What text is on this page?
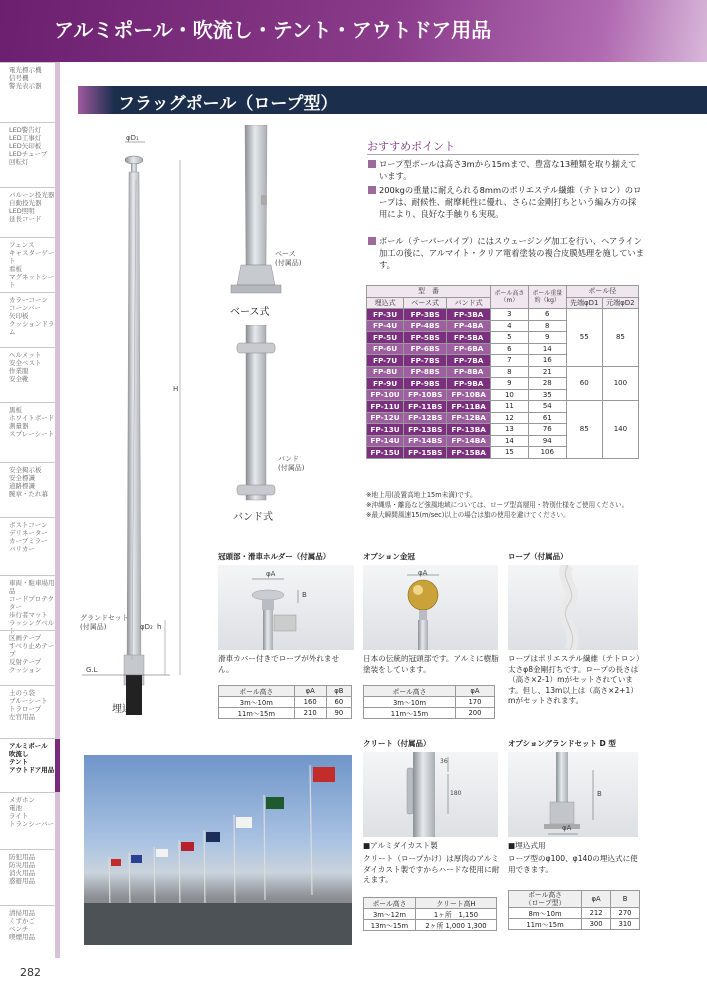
アルミポール・吹流し・テント・アウトドア用品
電光標示機
信号機
警光表示器
LED警告灯
LED工事灯
LED矢印板
LEDチューブ
回転灯
バルーン投光器
自動投光器
LED照明
延長コード
フェンス
キャスターゲート
看板
マグネットシート
カラーコーン
コーンバー
矢印板
クッションドラム
ヘルメット
安全ベスト
作業服
安全靴
黒板
ホワイトボード
測量器
スプレーシート
安全掲示板
安全標識
道路標識
腕章・たれ幕
ボストコーン
デリネーター
カーブミラー
バリカー
車両・駐車場用品
コードプロテクター
歩行者マット
ラッシングベルト
区画テープ
すべり止めテープ
反射テープ
クッション
土のう袋
ブルーシート
トラロープ
左官用品
アルミポール
吹流し
テント
アウトドア用品
メガホン
電池
ライト
トランシーバー
防犯用品
防災用品
消火用品
惑避用品
清掃用品
くずかご
ベンチ
喫煙用品
フラッグポール（ロープ型）
φD₁
H
h
φD₂
グランドセット
(付属品)
G.L
埋込式
ベース
(付属品)
ベース式
バンド
(付属品)
バンド式
おすすめポイント
ロープ型ポールは高さ3mから15mまで、豊富な13種類を取り揃えています。
200kgの重量に耐えられる8mmのポリエステル繊維（テトロン）のロープは、耐候性、耐摩耗性に優れ、さらに金剛打ちという編み方の採用により、良好な手触りも実現。
ポール（テーパーパイプ）にはスウェージング加工を行い、ヘアライン加工の後に、アルマイト・クリア電着塗装の複合皮膜処理を施しています。
型　番			ポール高さ
（m）	ポール重量
約（kg）	ポール径	
埋込式	ベース式	バンド式			先端φD1	元端φD2
FP-3U	FP-3BS	FP-3BA	3	6	55	85
FP-4U	FP-4BS	FP-4BA	4	8		
FP-5U	FP-5BS	FP-5BA	5	9		
FP-6U	FP-6BS	FP-6BA	6	14		
FP-7U	FP-7BS	FP-7BA	7	16		
FP-8U	FP-8BS	FP-8BA	8	21	60	100
FP-9U	FP-9BS	FP-9BA	9	28		
FP-10U	FP-10BS	FP-10BA	10	35		
FP-11U	FP-11BS	FP-11BA	11	54	85	140
FP-12U	FP-12BS	FP-12BA	12	61		
FP-13U	FP-13BS	FP-13BA	13	76		
FP-14U	FP-14BS	FP-14BA	14	94		
FP-15U	FP-15BS	FP-15BA	15	106		
※地上用(設置高地上15m未満)です。
※沖縄県・離島など強風地域については、ロープ型高層用・特別仕様をご使用ください。
※最大瞬間風速15(m/sec)以上の場合は旗の使用を避けてください。
冠頭部・滑車ホルダー（付属品）
φA
B
滑車カバー付きでロープが外れません。
ポール高さ	φA	φB
3m〜10m	160	60
11m〜15m	210	90
オプション金冠
φA
日本の伝統的冠頭部です。アルミに樹脂塗装をしています。
ポール高さ	φA
3m〜10m	170
11m〜15m	200
ロープ（付属品）
ロープはポリエステル繊維（テトロン）太さφ8金剛打ちです。ロープの長さは（高さ×2-1）mがセットされています。但し、13m以上は（高さ×2+1）mがセットされます。
クリート（付属品）
36
180
■アルミダイカスト製
クリート（ロープかけ）は厚肉のアルミダイカスト製ですからハードな使用に耐えます。
ポール高さ	クリート高H
3m〜12m	1ヶ所　1,150
13m〜15m	2ヶ所 1,000 1,300
オプショングランドセット D 型
B
φA
■埋込式用
ロープ型のφ100、φ140の埋込式に使用できます。
ポール高さ
（ロープ型）	φA	B
8m〜10m	212	270
11m〜15m	300	310
282
